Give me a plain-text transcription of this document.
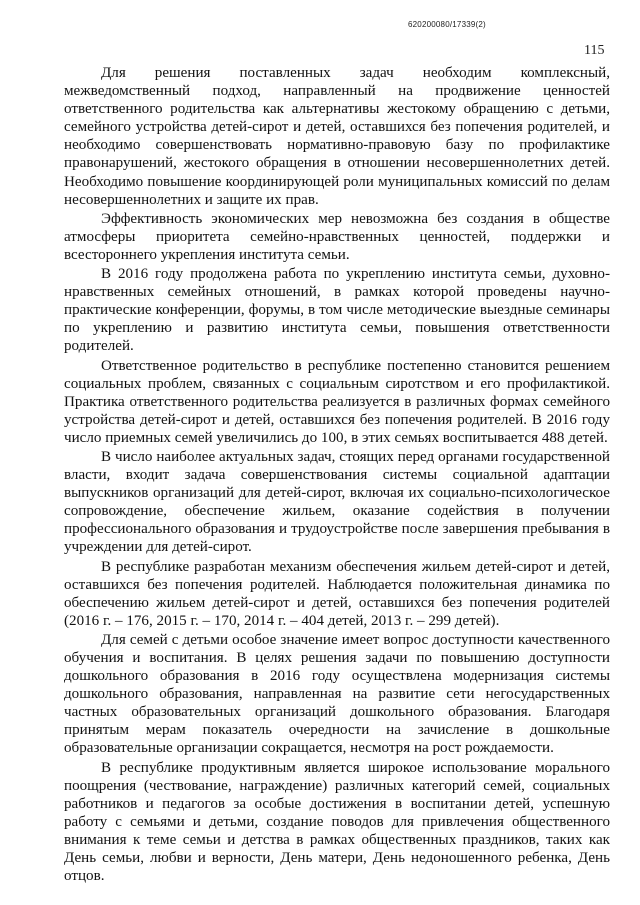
620200080/17339(2)
115

Для решения поставленных задач необходим комплексный, межведомственный подход, направленный на продвижение ценностей ответственного родительства как альтернативы жестокому обращению с детьми, семейного устройства детей-сирот и детей, оставшихся без попечения родителей, и необходимо совершенствовать нормативно-правовую базу по профилактике правонарушений, жестокого обращения в отношении несовершеннолетних детей. Необходимо повышение координирующей роли муниципальных комиссий по делам несовершеннолетних и защите их прав.

Эффективность экономических мер невозможна без создания в обществе атмосферы приоритета семейно-нравственных ценностей, поддержки и всестороннего укрепления института семьи.

В 2016 году продолжена работа по укреплению института семьи, духовно-нравственных семейных отношений, в рамках которой проведены научно-практические конференции, форумы, в том числе методические выездные семинары по укреплению и развитию института семьи, повышения ответственности родителей.

Ответственное родительство в республике постепенно становится решением социальных проблем, связанных с социальным сиротством и его профилактикой. Практика ответственного родительства реализуется в различных формах семейного устройства детей-сирот и детей, оставшихся без попечения родителей. В 2016 году число приемных семей увеличились до 100, в этих семьях воспитывается 488 детей.

В число наиболее актуальных задач, стоящих перед органами государственной власти, входит задача совершенствования системы социальной адаптации выпускников организаций для детей-сирот, включая их социально-психологическое сопровождение, обеспечение жильем, оказание содействия в получении профессионального образования и трудоустройстве после завершения пребывания в учреждении для детей-сирот.

В республике разработан механизм обеспечения жильем детей-сирот и детей, оставшихся без попечения родителей. Наблюдается положительная динамика по обеспечению жильем детей-сирот и детей, оставшихся без попечения родителей (2016 г. – 176, 2015 г. – 170, 2014 г. – 404 детей, 2013 г. – 299 детей).

Для семей с детьми особое значение имеет вопрос доступности качественного обучения и воспитания. В целях решения задачи по повышению доступности дошкольного образования в 2016 году осуществлена модернизация системы дошкольного образования, направленная на развитие сети негосударственных частных образовательных организаций дошкольного образования. Благодаря принятым мерам показатель очередности на зачисление в дошкольные образовательные организации сокращается, несмотря на рост рождаемости.

В республике продуктивным является широкое использование морального поощрения (чествование, награждение) различных категорий семей, социальных работников и педагогов за особые достижения в воспитании детей, успешную работу с семьями и детьми, создание поводов для привлечения общественного внимания к теме семьи и детства в рамках общественных праздников, таких как День семьи, любви и верности, День матери, День недоношенного ребенка, День отцов.
